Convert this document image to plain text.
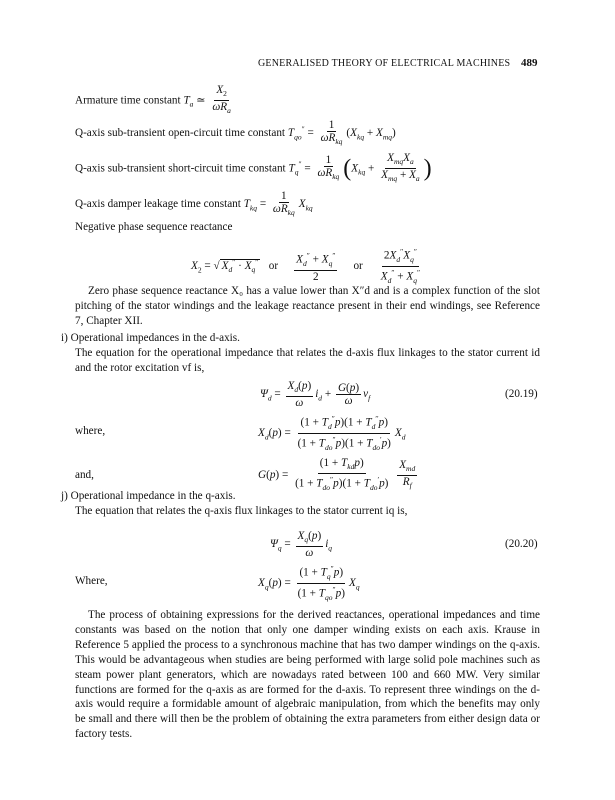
GENERALISED THEORY OF ELECTRICAL MACHINES 489
Armature time constant $T_a$ ≃ $\frac{X_2}{\omega R_a}$
Q-axis sub-transient open-circuit time constant $T_{qo}'' = \frac{1}{\omega R_{kq}} (X_{kq} + X_{mq})$
Q-axis sub-transient short-circuit time constant $T_q'' = \frac{1}{\omega R_{kq}} (X_{kq} + \frac{X_{mq}X_a}{X_{mq} + X_a}$ )
Q-axis damper leakage time constant $T_{kq} = \frac{1}{\omega R_{kq}} X_{kq}$
Negative phase sequence reactance
$X_2$ = √ $X_d'' \cdot X_q''$ or $\frac{X_d'' + X_q''}{2}$ or $\frac{2X_d''X_q''}{X_d'' + X_q''}$
Zero phase sequence reactance X₀ has a value lower than X″d and is a complex function of the slot pitching of the stator windings and the leakage reactance present in their end windings, see Reference 7, Chapter XII.
i) Operational impedances in the d-axis.
The equation for the operational impedance that relates the d-axis flux linkages to the stator current id and the rotor excitation vf is,
$\Psi_d = \frac{X_d(p)}{\omega} i_d + \frac{G(p)}{\omega} v_f$	(20.19)
where,	$X_d(p) = \frac{(1 + T_d''p)(1 + T_d''p)}{(1 + T_{do}''p)(1 + T_{do}'p)} X_d$
and,	$G(p) = \frac{(1 + T_{kd}p)}{(1 + T_{do}''p)(1 + T_{do}'p)}$
$\frac{X_{md}}{R_f}$
j) Operational impedance in the q-axis.
The equation that relates the q-axis flux linkages to the stator current iq is,
$\Psi_q = \frac{X_q(p)}{\omega} i_q$	(20.20)
Where,	$X_q(p) = \frac{(1 + T_q''p)}{(1 + T_{qo}''p)} X_q$
The process of obtaining expressions for the derived reactances, operational impedances and time constants was based on the notion that only one damper winding exists on each axis. Krause in Reference 5 applied the process to a synchronous machine that has two damper windings on the q-axis. This would be advantageous when studies are being performed with large solid pole machines such as steam power plant generators, which are nowadays rated between 100 and 660 MW. Very similar functions are formed for the q-axis as are formed for the d-axis. To represent three windings on the d-axis would require a formidable amount of algebraic manipulation, from which the benefits may only be small and there will then be the problem of obtaining the extra parameters from either design data or factory tests.
